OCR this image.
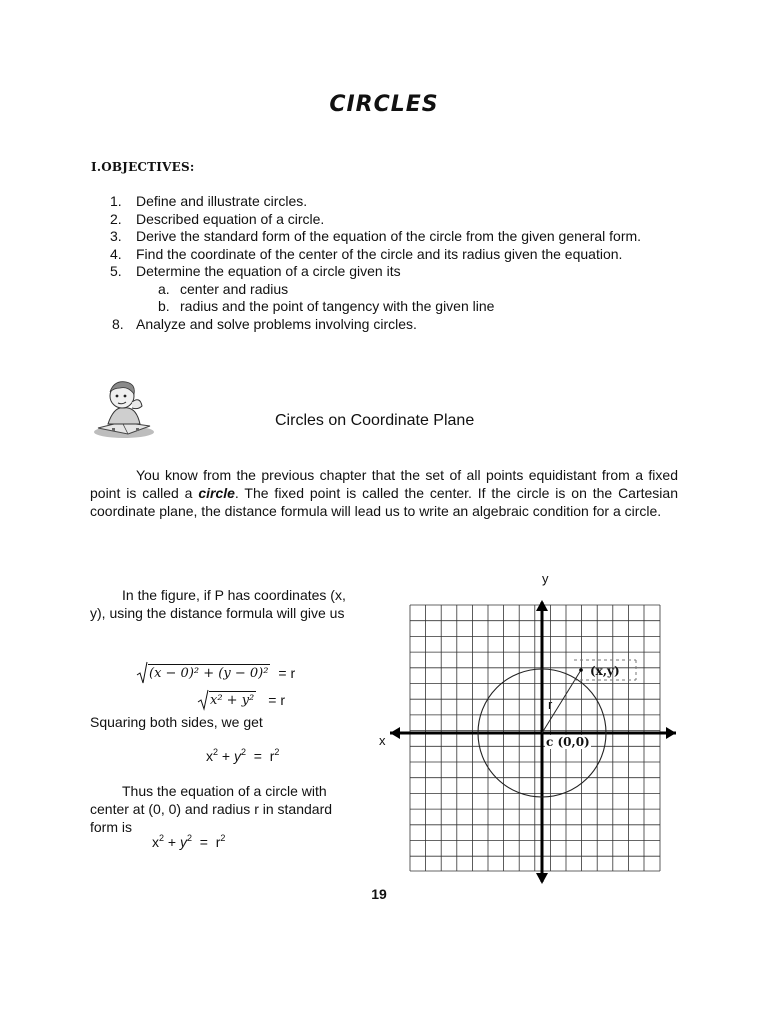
CIRCLES
I.OBJECTIVES:
1.	Define and illustrate circles.
2.	Described equation of a circle.
3.	Derive the standard form of the equation of the circle from the given general form.
4.	Find the coordinate of the center of the circle and its radius given the equation.
5.	Determine the equation of a circle given its
a. center and radius
b. radius and the point of tangency with the given line
8. Analyze and solve problems involving circles.
Circles on Coordinate Plane
You know from the previous chapter that the set of all points equidistant from a fixed point is called a circle. The fixed point is called the center. If the circle is on the Cartesian coordinate plane, the distance formula will lead us to write an algebraic condition for a circle.
In the figure, if P has coordinates (x, y), using the distance formula will give us
(x − 0)² + (y − 0)² = r
x² + y² = r
Squaring both sides, we get
$x^2 + y^2 = r^2$
Thus the equation of a circle with center at (0, 0) and radius r in standard form is
$x^2 + y^2 = r^2$
y
x
(x,y)
r
c (0,0)
19
